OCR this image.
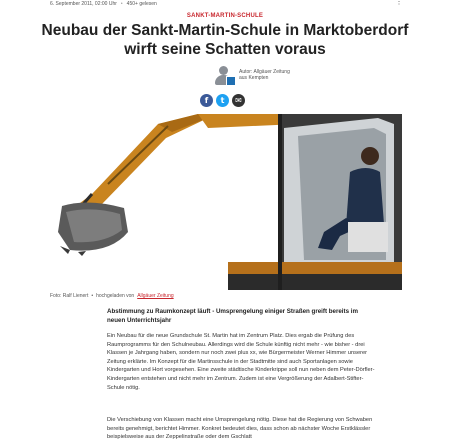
6. September 2011, 02:00 Uhr • 450+ gelesen	⋮
SANKT-MARTIN-SCHULE
Neubau der Sankt-Martin-Schule in Marktoberdorf wirft seine Schatten voraus
Autor: Allgäuer Zeitung
aus Kempten
f	t	✉
Foto: Ralf Lienert • hochgeladen von Allgäuer Zeitung

Abstimmung zu Raumkonzept läuft - Umsprengelung einiger Straßen greift bereits im neuen Unterrichtsjahr

Ein Neubau für die neue Grundschule St. Martin hat im Zentrum Platz. Dies ergab die Prüfung des Raumprogramms für den Schulneubau. Allerdings wird die Schule künftig nicht mehr - wie bisher - drei Klassen je Jahrgang haben, sondern nur noch zwei plus xx, wie Bürgermeister Werner Himmer unserer Zeitung erklärte. Im Konzept für die Martinsschule in der Stadtmitte sind auch Sportanlagen sowie Kindergarten und Hort vorgesehen. Eine zweite städtische Kinderkrippe soll nun neben dem Peter-Dörfler-Kindergarten entstehen und nicht mehr im Zentrum. Zudem ist eine Vergrößerung der Adalbert-Stifter-Schule nötig.

Die Verschiebung von Klassen macht eine Umsprengelung nötig. Diese hat die Regierung von Schwaben bereits genehmigt, berichtet Himmer. Konkret bedeutet dies, dass schon ab nächster Woche Erstklässler beispielsweise aus der Zeppelinstraße oder dem Gschlatt
